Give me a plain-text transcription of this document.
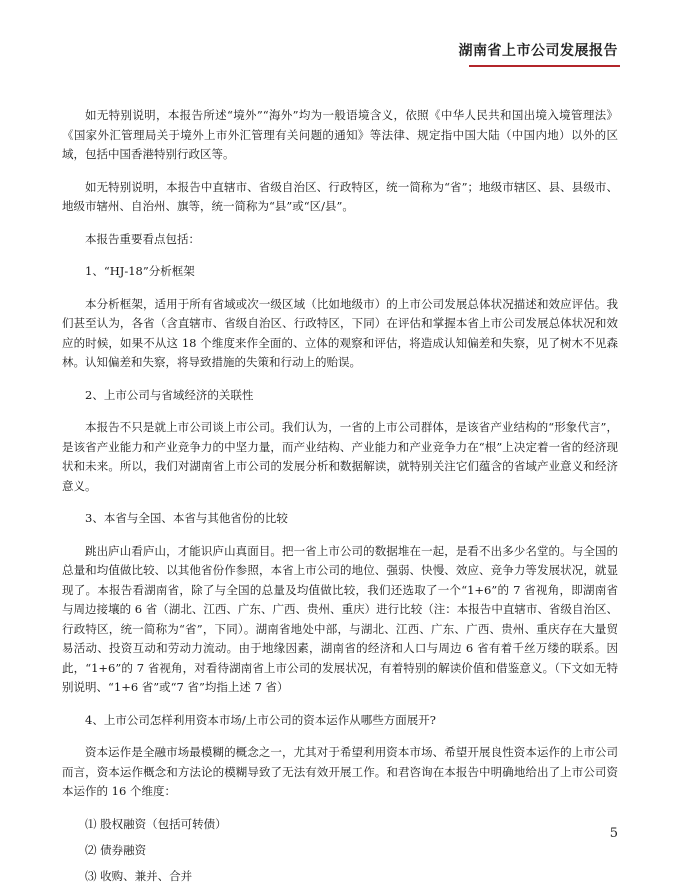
湖南省上市公司发展报告

如无特别说明，本报告所述“境外”“海外”均为一般语境含义，依照《中华人民共和国出境入境管理法》《国家外汇管理局关于境外上市外汇管理有关问题的通知》等法律、规定指中国大陆（中国内地）以外的区域，包括中国香港特别行政区等。

如无特别说明，本报告中直辖市、省级自治区、行政特区，统一简称为“省”；地级市辖区、县、县级市、地级市辖州、自治州、旗等，统一简称为“县”或“区/县”。

本报告重要看点包括：

1、“HJ-18”分析框架

本分析框架，适用于所有省域或次一级区域（比如地级市）的上市公司发展总体状况描述和效应评估。我们甚至认为，各省（含直辖市、省级自治区、行政特区，下同）在评估和掌握本省上市公司发展总体状况和效应的时候，如果不从这 18 个维度来作全面的、立体的观察和评估，将造成认知偏差和失察，见了树木不见森林。认知偏差和失察，将导致措施的失策和行动上的贻误。

2、上市公司与省域经济的关联性

本报告不只是就上市公司谈上市公司。我们认为，一省的上市公司群体，是该省产业结构的“形象代言”，是该省产业能力和产业竞争力的中坚力量，而产业结构、产业能力和产业竞争力在“根”上决定着一省的经济现状和未来。所以，我们对湖南省上市公司的发展分析和数据解读，就特别关注它们蕴含的省域产业意义和经济意义。

3、本省与全国、本省与其他省份的比较

跳出庐山看庐山，才能识庐山真面目。把一省上市公司的数据堆在一起，是看不出多少名堂的。与全国的总量和均值做比较、以其他省份作参照，本省上市公司的地位、强弱、快慢、效应、竞争力等发展状况，就显现了。本报告看湖南省，除了与全国的总量及均值做比较，我们还选取了一个“1+6”的 7 省视角，即湖南省与周边接壤的 6 省（湖北、江西、广东、广西、贵州、重庆）进行比较（注：本报告中直辖市、省级自治区、行政特区，统一简称为“省”，下同）。湖南省地处中部，与湖北、江西、广东、广西、贵州、重庆存在大量贸易活动、投资互动和劳动力流动。由于地缘因素，湖南省的经济和人口与周边 6 省有着千丝万缕的联系。因此，“1+6”的 7 省视角，对看待湖南省上市公司的发展状况，有着特别的解读价值和借鉴意义。（下文如无特别说明、“1+6 省”或“7 省”均指上述 7 省）

4、上市公司怎样利用资本市场/上市公司的资本运作从哪些方面展开?

资本运作是全融市场最模糊的概念之一，尤其对于希望利用资本市场、希望开展良性资本运作的上市公司而言，资本运作概念和方法论的模糊导致了无法有效开展工作。和君咨询在本报告中明确地给出了上市公司资本运作的 16 个维度：

⑴ 股权融资（包括可转债）
⑵ 债券融资
⑶ 收购、兼并、合并
5
